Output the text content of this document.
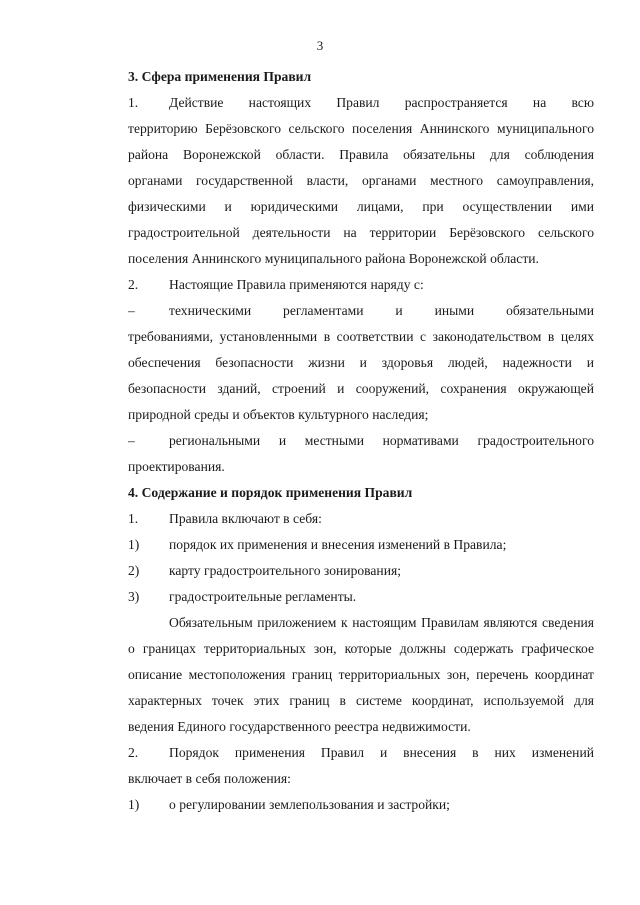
3
3. Сфера применения Правил
1. Действие настоящих Правил распространяется на всю
территорию Берёзовского сельского поселения Аннинского муниципального
района Воронежской области. Правила обязательны для соблюдения
органами государственной власти, органами местного самоуправления,
физическими и юридическими лицами, при осуществлении ими
градостроительной деятельности на территории Берёзовского сельского
поселения Аннинского муниципального района Воронежской области.
2. Настоящие Правила применяются наряду с:
–	техническими регламентами и иными обязательными
требованиями, установленными в соответствии с законодательством в целях
обеспечения безопасности жизни и здоровья людей, надежности и
безопасности зданий, строений и сооружений, сохранения окружающей
природной среды и объектов культурного наследия;
–	региональными и местными нормативами градостроительного
проектирования.
4. Содержание и порядок применения Правил
1. Правила включают в себя:
1) порядок их применения и внесения изменений в Правила;
2) карту градостроительного зонирования;
3) градостроительные регламенты.
Обязательным приложением к настоящим Правилам являются сведения
о границах территориальных зон, которые должны содержать графическое
описание местоположения границ территориальных зон, перечень координат
характерных точек этих границ в системе координат, используемой для
ведения Единого государственного реестра недвижимости.
2. Порядок применения Правил и внесения в них изменений
включает в себя положения:
1) о регулировании землепользования и застройки;
